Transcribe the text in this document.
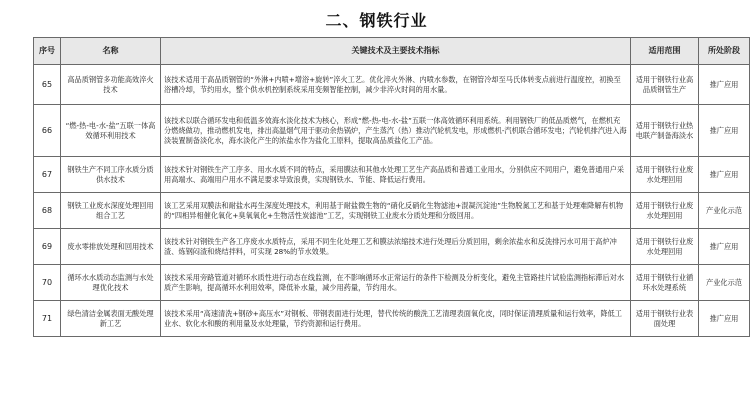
二、钢铁行业
序号	名称	关键技术及主要技术指标	适用范围	所处阶段
65	高品质钢管多功能高效淬火技术	该技术适用于高品质钢管的“外淋+内喷+增浴+旋转”淬火工艺。优化淬火外淋、内喷水参数，在钢管冷却至马氏体转变点前进行温度控，初换至浴槽冷却，节约用水，整个供水机控制系统采用变频智能控制，减少非淬火时间的用水量。	适用于钢铁行业高品质钢管生产	推广应用
66	“燃-热-电-水-盐”五联一体高效循环利用技术	该技术以联合循环发电和低温多效海水淡化技术为核心，形成“燃-热-电-水-盐”五联一体高效循环利用系统。利用钢铁厂的低品质燃气，在燃机充分燃烧做功，推动燃机发电，排出高温烟气用于驱动余热锅炉，产生蒸汽（热）推动汽轮机发电，形成燃机-汽机联合循环发电；汽轮机排汽进入海淡装置制备淡化水，海水淡化产生的浓盐水作为盐化工原料，提取高品质盐化工产品。	适用于钢铁行业热电联产制备海淡水	推广应用
67	钢铁生产不同工序水质分质供水技术	该技术针对钢铁生产工序多、用水水质不同的特点，采用膜法和其他水处理工艺生产高品质和普通工业用水，分别供应不同用户，避免普通用户采用高端水、高端用户用水不满足要求导致浪费，实现钢铁水、节能、降低运行费用。	适用于钢铁行业废水处理回用	推广应用
68	钢铁工业废水深度处理回用组合工艺	该工艺采用双膜法和耐盐水再生深度处理技术，利用基于耐盐微生物的“硝化反硝化生物滤池+混凝沉淀池”生物脱氮工艺和基于处理难降解有机物的“四相异相催化氧化+臭氧氧化+生物活性炭滤池”工艺，实现钢铁工业废水分质处理和分级回用。	适用于钢铁行业废水处理回用	产业化示范
69	废水零排放处理和回用技术	该技术针对钢铁生产各工序废水水质特点，采用不同生化处理工艺和膜法浓缩技术进行处理后分质回用，剩余浓盐水和反洗排污水可用于高炉冲渣、炼钢闷渣和烧结拌料，可实现 28%的节水效果。	适用于钢铁行业废水处理回用	推广应用
70	循环水水质动态监测与水处理优化技术	该技术采用旁路管道对循环水质性进行动态在线监测，在不影响循环水正常运行的条件下检测及分析变化，避免主管路挂片试验监测指标滞后对水质产生影响，提高循环水利用效率，降低补水量，减少用药量，节约用水。	适用于钢铁行业循环水处理系统	产业化示范
71	绿色清洁金属表面无酸处理新工艺	该技术采用“高速清洗+钢砂+高压水”对钢板、带钢表面进行处理，替代传统的酸洗工艺清理表面氧化皮，同时保证清理质量和运行效率，降低工业水、软化水和酸的利用量及水处理量，节约资源和运行费用。	适用于钢铁行业表面处理	推广应用
